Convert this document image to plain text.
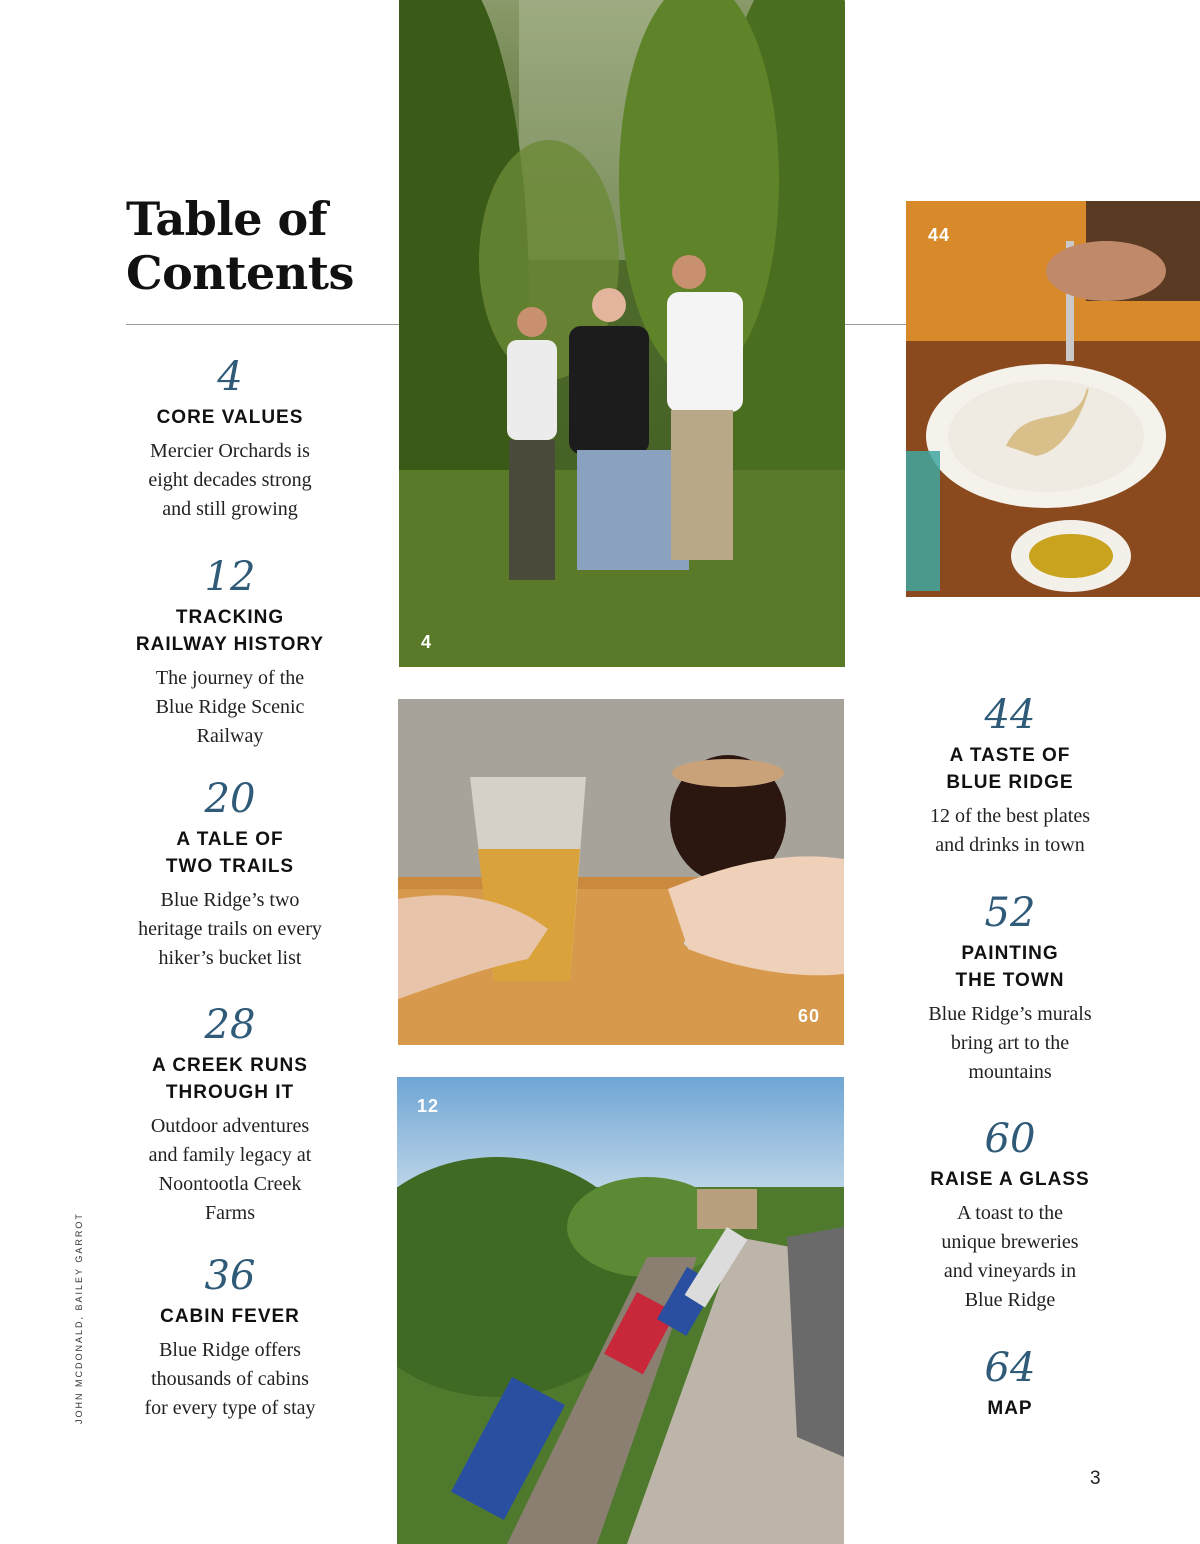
Table of
Contents

4

CORE VALUES

Mercier Orchards is
eight decades strong
and still growing

12

TRACKING
RAILWAY HISTORY

The journey of the
Blue Ridge Scenic
Railway

20

A TALE OF
TWO TRAILS

Blue Ridge’s two
heritage trails on every
hiker’s bucket list

28

A CREEK RUNS
THROUGH IT

Outdoor adventures
and family legacy at
Noontootla Creek
Farms

36

CABIN FEVER

Blue Ridge offers
thousands of cabins
for every type of stay

44

A TASTE OF
BLUE RIDGE

12 of the best plates
and drinks in town

52

PAINTING
THE TOWN

Blue Ridge’s murals
bring art to the
mountains

60

RAISE A GLASS

A toast to the
unique breweries
and vineyards in
Blue Ridge

64

MAP

4
44
60
12
JOHN MCDONALD, BAILEY GARROT
3
